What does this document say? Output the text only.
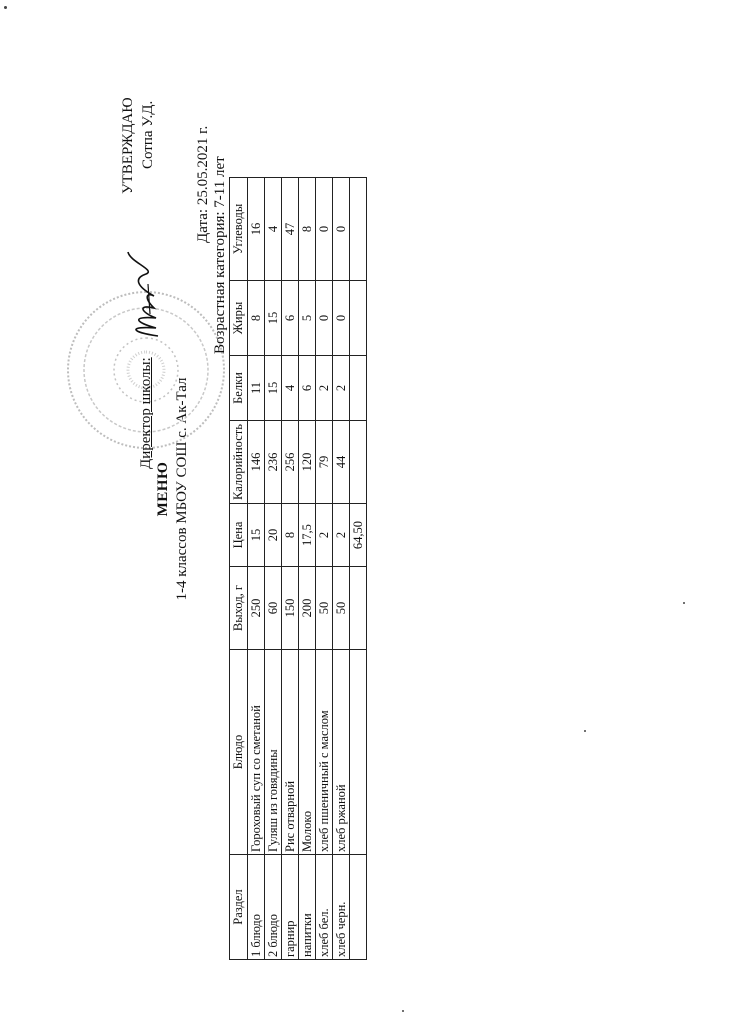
МЕНЮ 1-4 классов МБОУ СОШ с. Ак-Тал
УТВЕРЖДАЮ Сотпа У.Д.
Директор школы:
Дата: 25.05.2021 г. Возрастная категория: 7-11 лет
Раздел	Блюдо	Выход, г	Цена	Калорийность	Белки	Жиры	Углеводы
1 блюдо	Гороховый суп со сметаной	250	15	146	11	8	16
2 блюдо	Гуляш из говядины	60	20	236	15	15	4
гарнир	Рис отварной	150	8	256	4	6	47
напитки	Молоко	200	17,5	120	6	5	8
хлеб бел.	хлеб пшеничный с маслом	50	2	79	2	0	0
хлеб черн.	хлеб ржаной	50	2	44	2	0	0
			64,50				
